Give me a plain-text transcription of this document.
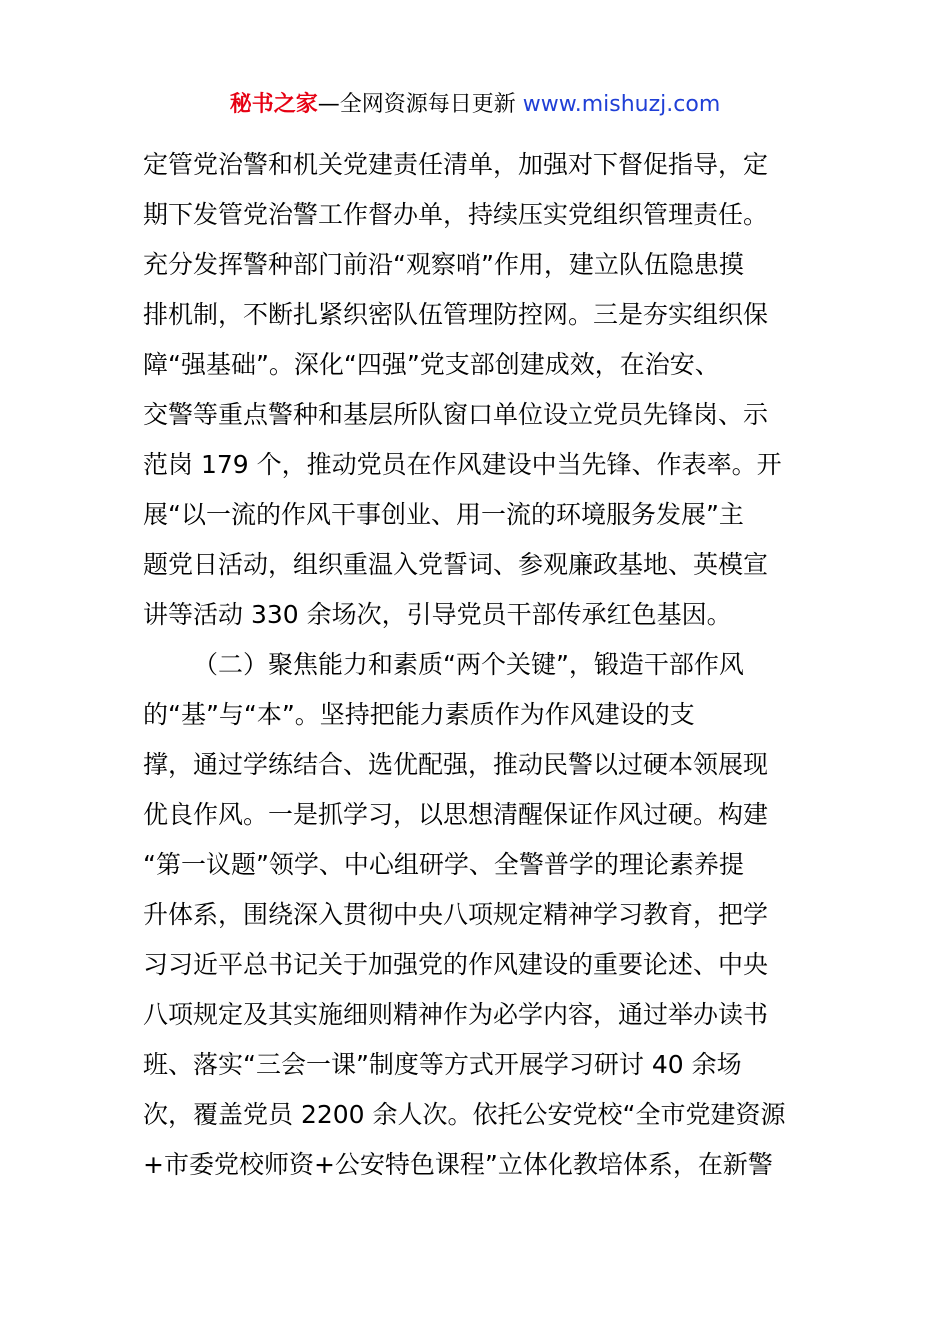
秘书之家—全网资源每日更新 www.mishuzj.com
定管党治警和机关党建责任清单，加强对下督促指导，定
期下发管党治警工作督办单，持续压实党组织管理责任。
充分发挥警种部门前沿“观察哨”作用，建立队伍隐患摸
排机制，不断扎紧织密队伍管理防控网。三是夯实组织保
障“强基础”。深化“四强”党支部创建成效，在治安、
交警等重点警种和基层所队窗口单位设立党员先锋岗、示
范岗 179 个，推动党员在作风建设中当先锋、作表率。开
展“以一流的作风干事创业、用一流的环境服务发展”主
题党日活动，组织重温入党誓词、参观廉政基地、英模宣
讲等活动 330 余场次，引导党员干部传承红色基因。
（二）聚焦能力和素质“两个关键”，锻造干部作风
的“基”与“本”。坚持把能力素质作为作风建设的支
撑，通过学练结合、选优配强，推动民警以过硬本领展现
优良作风。一是抓学习，以思想清醒保证作风过硬。构建
“第一议题”领学、中心组研学、全警普学的理论素养提
升体系，围绕深入贯彻中央八项规定精神学习教育，把学
习习近平总书记关于加强党的作风建设的重要论述、中央
八项规定及其实施细则精神作为必学内容，通过举办读书
班、落实“三会一课”制度等方式开展学习研讨 40 余场
次，覆盖党员 2200 余人次。依托公安党校“全市党建资源
+市委党校师资+公安特色课程”立体化教培体系，在新警
